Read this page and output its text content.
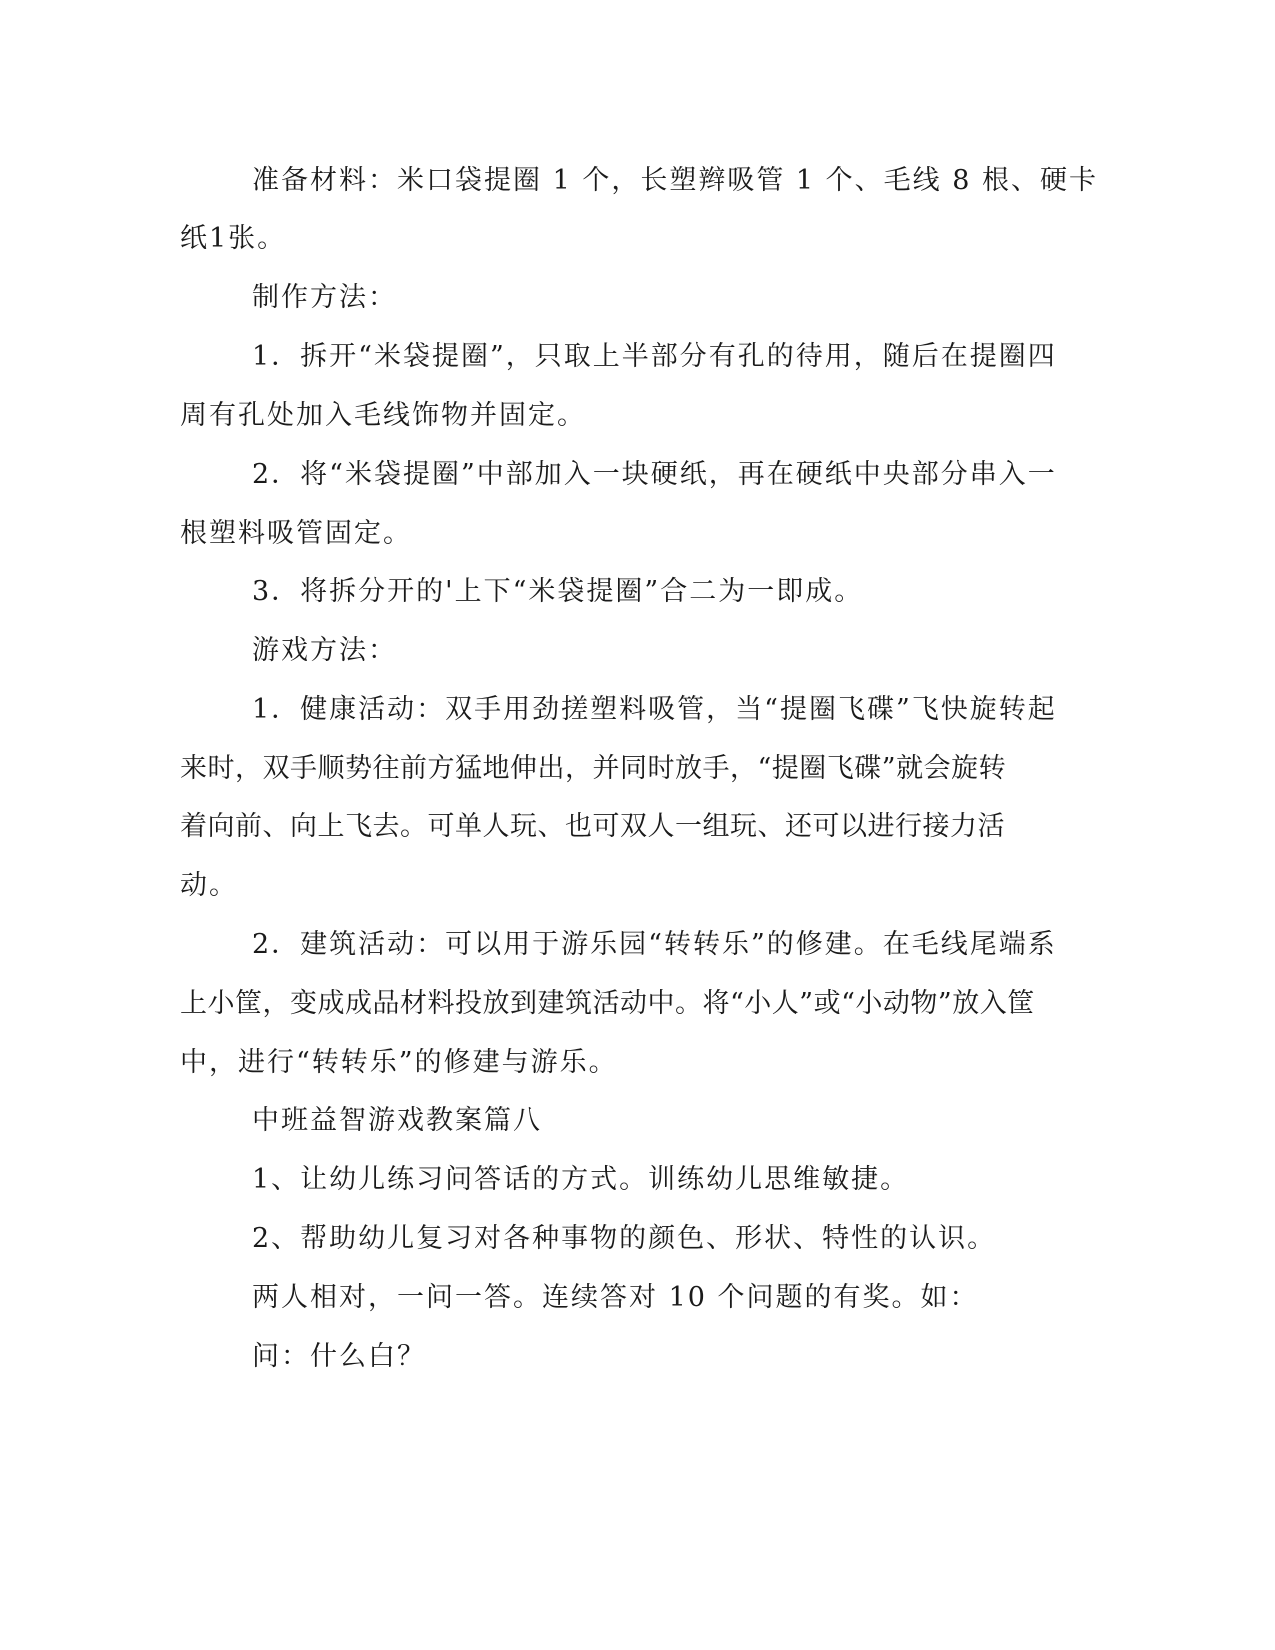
准备材料：米口袋提圈 1 个，长塑辫吸管 1 个、毛线 8 根、硬卡
纸1张。
制作方法：
1．拆开“米袋提圈”，只取上半部分有孔的待用，随后在提圈四
周有孔处加入毛线饰物并固定。
2．将“米袋提圈”中部加入一块硬纸，再在硬纸中央部分串入一
根塑料吸管固定。
3．将拆分开的'上下“米袋提圈”合二为一即成。
游戏方法：
1．健康活动：双手用劲搓塑料吸管，当“提圈飞碟”飞快旋转起
来时，双手顺势往前方猛地伸出，并同时放手，“提圈飞碟”就会旋转
着向前、向上飞去。可单人玩、也可双人一组玩、还可以进行接力活
动。
2．建筑活动：可以用于游乐园“转转乐”的修建。在毛线尾端系
上小筐，变成成品材料投放到建筑活动中。将“小人”或“小动物”放入筐
中，进行“转转乐”的修建与游乐。
中班益智游戏教案篇八
1、让幼儿练习问答话的方式。训练幼儿思维敏捷。
2、帮助幼儿复习对各种事物的颜色、形状、特性的认识。
两人相对，一问一答。连续答对 10 个问题的有奖。如：
问：什么白？
